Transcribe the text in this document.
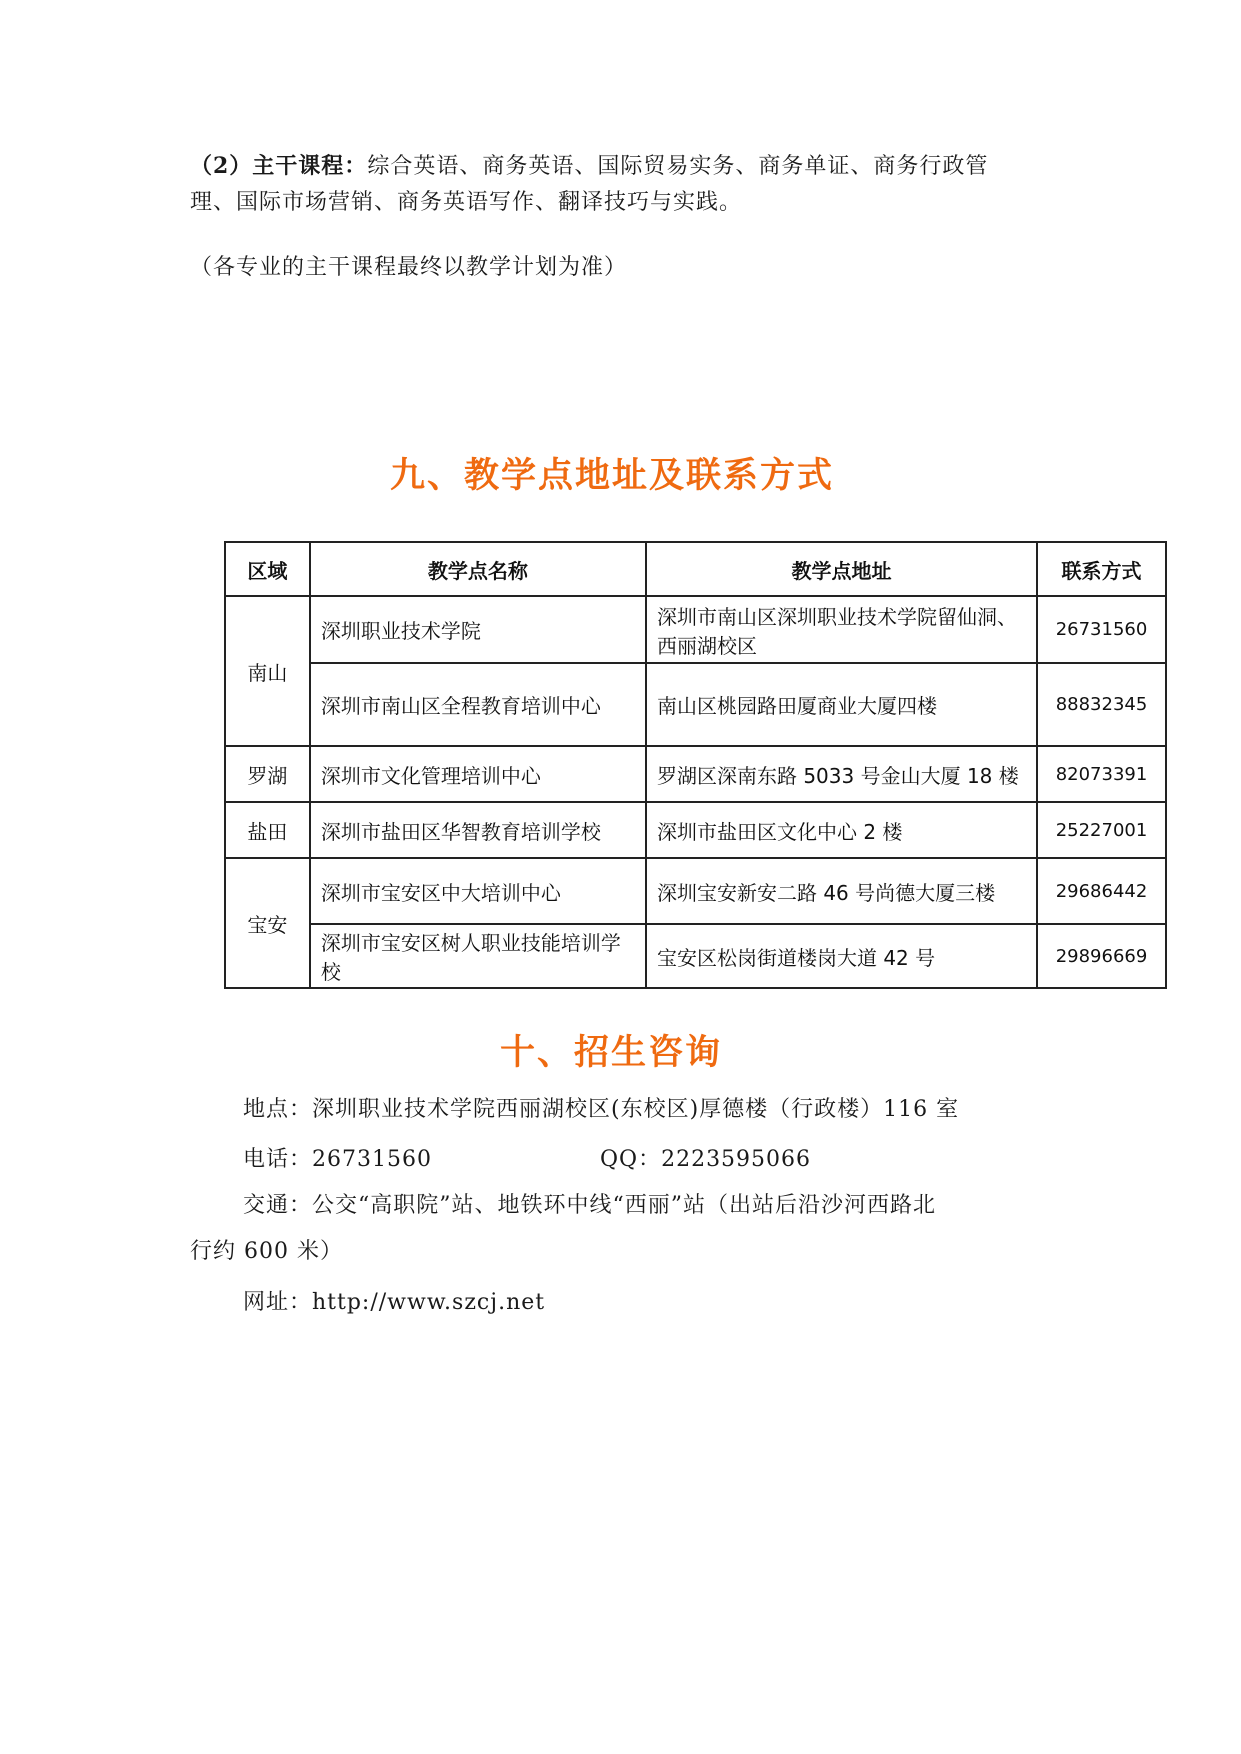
（2）主干课程：综合英语、商务英语、国际贸易实务、商务单证、商务行政管
理、国际市场营销、商务英语写作、翻译技巧与实践。
（各专业的主干课程最终以教学计划为准）
九、教学点地址及联系方式
区域	教学点名称	教学点地址	联系方式
南山	深圳职业技术学院	深圳市南山区深圳职业技术学院留仙洞、西丽湖校区	26731560
	深圳市南山区全程教育培训中心	南山区桃园路田厦商业大厦四楼	88832345
罗湖	深圳市文化管理培训中心	罗湖区深南东路 5033 号金山大厦 18 楼	82073391
盐田	深圳市盐田区华智教育培训学校	深圳市盐田区文化中心 2 楼	25227001
宝安	深圳市宝安区中大培训中心	深圳宝安新安二路 46 号尚德大厦三楼	29686442
	深圳市宝安区树人职业技能培训学校	宝安区松岗街道楼岗大道 42 号	29896669
十、招生咨询
地点：深圳职业技术学院西丽湖校区(东校区)厚德楼（行政楼）116 室
电话：26731560	QQ：2223595066
交通：公交“高职院”站、地铁环中线“西丽”站（出站后沿沙河西路北
行约 600 米）
网址：http://www.szcj.net
